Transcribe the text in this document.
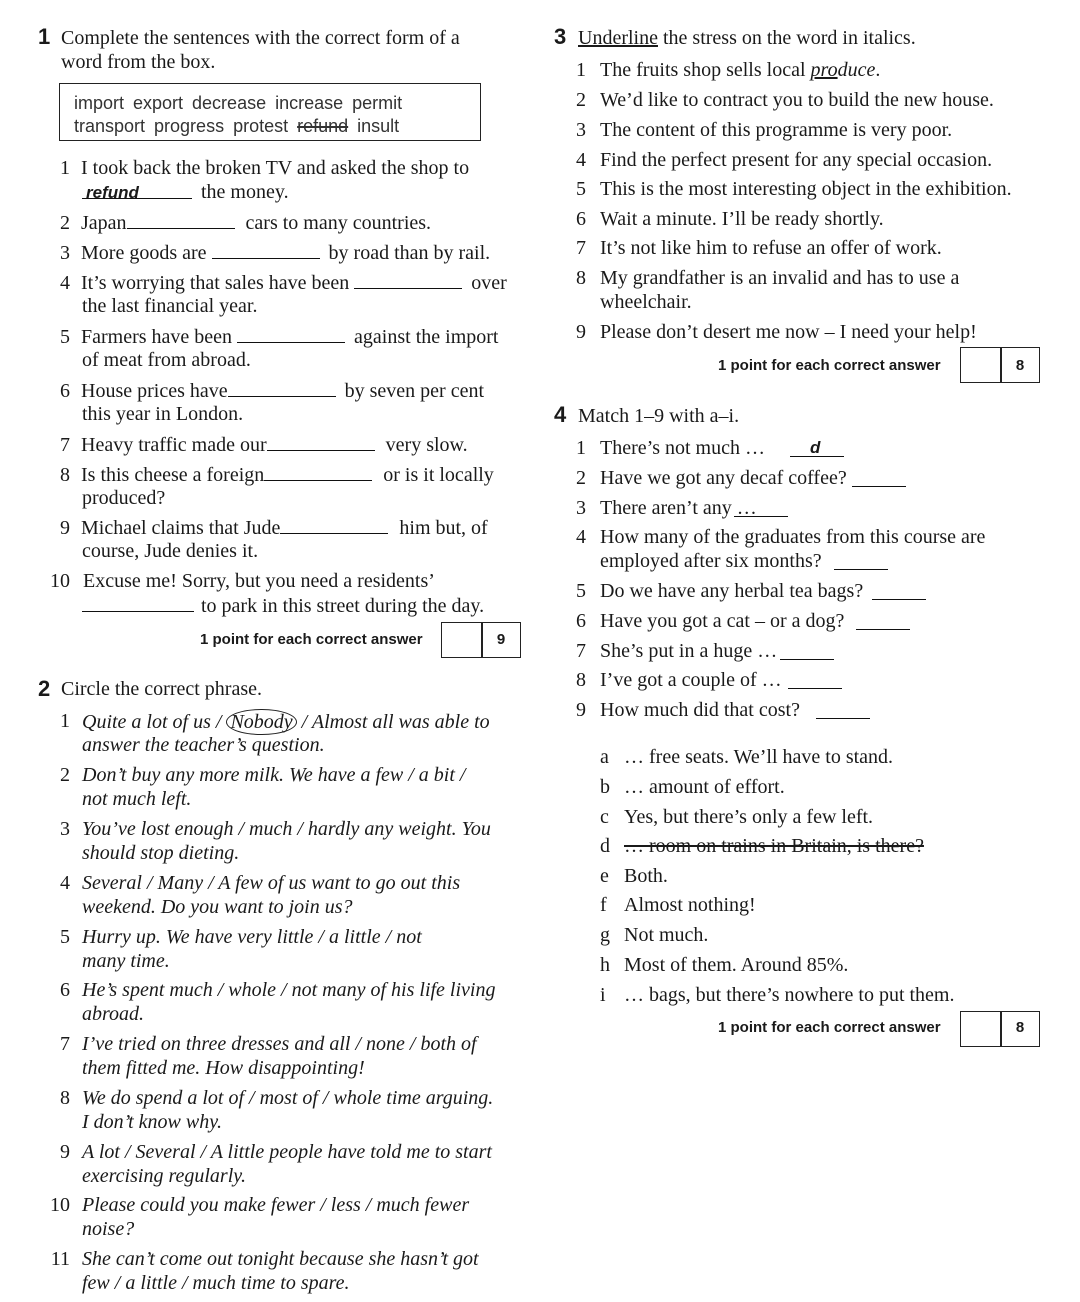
1 Complete the sentences with the correct form of a
word from the box.
import export decrease increase permit
transport progress protest refund insult
1 I took back the broken TV and asked the shop to
refund	the money.
2 Japan	cars to many countries.
3 More goods are	by road than by rail.
4 It’s worrying that sales have been	over
the last financial year.
5 Farmers have been	against the import
of meat from abroad.
6 House prices have	by seven per cent
this year in London.
7 Heavy traffic made our	very slow.
8 Is this cheese a foreign	or is it locally
produced?
9 Michael claims that Jude	him but, of
course, Jude denies it.
10 Excuse me! Sorry, but you need a residents’
to park in this street during the day.
1 point for each correct answer	9
2 Circle the correct phrase.
1 Quite a lot of us / Nobody / Almost all was able to
answer the teacher’s question.
2 Don’t buy any more milk. We have a few / a bit /
not much left.
3 You’ve lost enough / much / hardly any weight. You
should stop dieting.
4 Several / Many / A few of us want to go out this
weekend. Do you want to join us?
5 Hurry up. We have very little / a little / not
many time.
6 He’s spent much / whole / not many of his life living
abroad.
7 I’ve tried on three dresses and all / none / both of
them fitted me. How disappointing!
8 We do spend a lot of / most of / whole time arguing.
I don’t know why.
9 A lot / Several / A little people have told me to start
exercising regularly.
10 Please could you make fewer / less / much fewer
noise?
11 She can’t come out tonight because she hasn’t got
few / a little / much time to spare.
3 Underline the stress on the word in italics.
1 The fruits shop sells local produce.
2 We’d like to contract you to build the new house.
3 The content of this programme is very poor.
4 Find the perfect present for any special occasion.
5 This is the most interesting object in the exhibition.
6 Wait a minute. I’ll be ready shortly.
7 It’s not like him to refuse an offer of work.
8 My grandfather is an invalid and has to use a
wheelchair.
9 Please don’t desert me now – I need your help!
1 point for each correct answer	8
4 Match 1–9 with a–i.
1 There’s not much …	d
2 Have we got any decaf coffee?
3 There aren’t any …
4 How many of the graduates from this course are
employed after six months?
5 Do we have any herbal tea bags?
6 Have you got a cat – or a dog?
7 She’s put in a huge …
8 I’ve got a couple of …
9 How much did that cost?
a … free seats. We’ll have to stand.
b … amount of effort.
c Yes, but there’s only a few left.
d … room on trains in Britain, is there?
e Both.
f Almost nothing!
g Not much.
h Most of them. Around 85%.
i … bags, but there’s nowhere to put them.
1 point for each correct answer	8
